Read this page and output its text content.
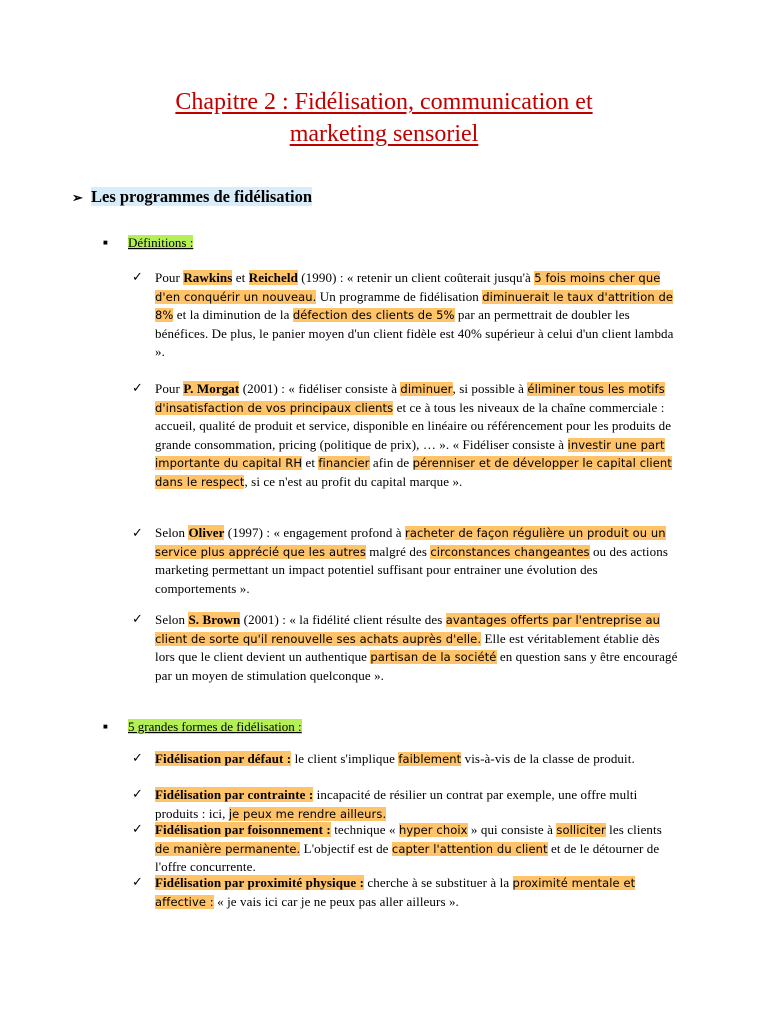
Chapitre 2 : Fidélisation, communication et
marketing sensoriel
➢ Les programmes de fidélisation
■ Définitions :
✓ Pour Rawkins et Reicheld (1990) : « retenir un client coûterait jusqu'à 5 fois moins cher que d'en conquérir un nouveau. Un programme de fidélisation diminuerait le taux d'attrition de 8% et la diminution de la défection des clients de 5% par an permettrait de doubler les bénéfices. De plus, le panier moyen d'un client fidèle est 40% supérieur à celui d'un client lambda ».
✓ Pour P. Morgat (2001) : « fidéliser consiste à diminuer, si possible à éliminer tous les motifs d'insatisfaction de vos principaux clients et ce à tous les niveaux de la chaîne commerciale : accueil, qualité de produit et service, disponible en linéaire ou référencement pour les produits de grande consommation, pricing (politique de prix), … ». « Fidéliser consiste à investir une part importante du capital RH et financier afin de pérenniser et de développer le capital client dans le respect, si ce n'est au profit du capital marque ».
✓ Selon Oliver (1997) : « engagement profond à racheter de façon régulière un produit ou un service plus apprécié que les autres malgré des circonstances changeantes ou des actions marketing permettant un impact potentiel suffisant pour entrainer une évolution des comportements ».
✓ Selon S. Brown (2001) : « la fidélité client résulte des avantages offerts par l'entreprise au client de sorte qu'il renouvelle ses achats auprès d'elle. Elle est véritablement établie dès lors que le client devient un authentique partisan de la société en question sans y être encouragé par un moyen de stimulation quelconque ».
■ 5 grandes formes de fidélisation :
✓ Fidélisation par défaut : le client s'implique faiblement vis-à-vis de la classe de produit.
✓ Fidélisation par contrainte : incapacité de résilier un contrat par exemple, une offre multi produits : ici, je peux me rendre ailleurs.
✓ Fidélisation par foisonnement : technique « hyper choix » qui consiste à solliciter les clients de manière permanente. L'objectif est de capter l'attention du client et de le détourner de l'offre concurrente.
✓ Fidélisation par proximité physique : cherche à se substituer à la proximité mentale et affective : « je vais ici car je ne peux pas aller ailleurs ».
